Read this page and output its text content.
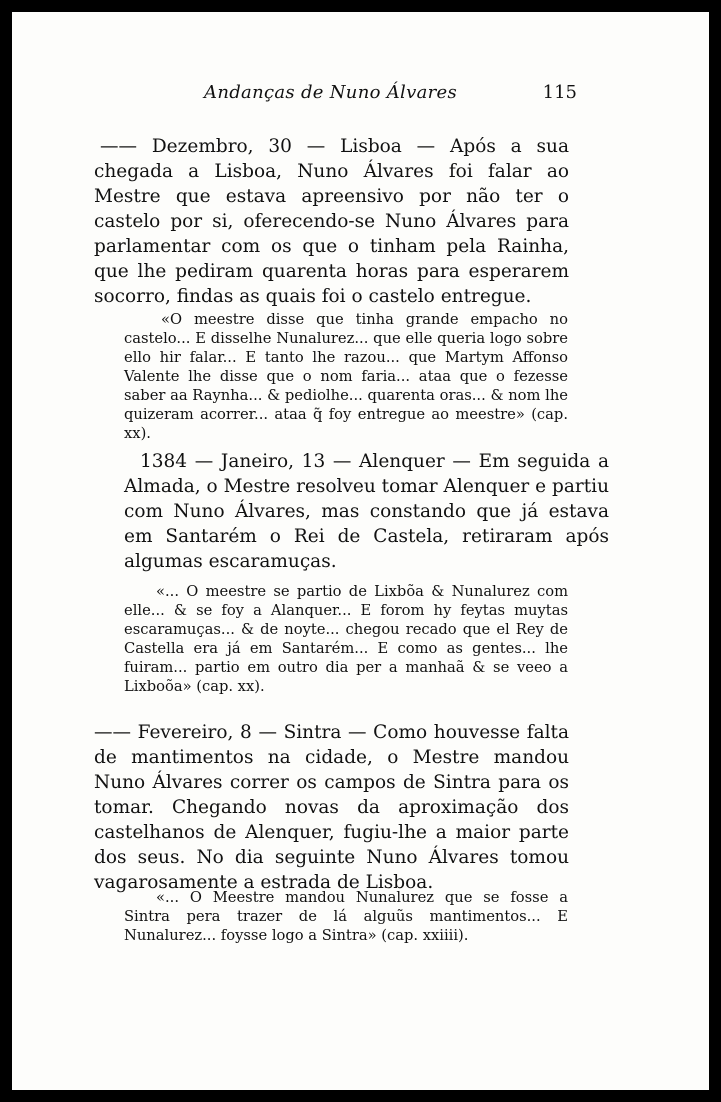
Andanças de Nuno Álvares	115

—— Dezembro, 30 — Lisboa — Após a sua chegada a Lisboa, Nuno Álvares foi falar ao Mestre que estava apreensivo por não ter o castelo por si, oferecendo-se Nuno Álvares para parlamentar com os que o tinham pela Rainha, que lhe pediram quarenta horas para esperarem socorro, findas as quais foi o castelo entregue.

«O meestre disse que tinha grande empacho no castelo... E disselhe Nunalurez... que elle queria logo sobre ello hir falar... E tanto lhe razou... que Martym Affonso Valente lhe disse que o nom faria... ataa que o fezesse saber aa Raynha... & pediolhe... quarenta oras... & nom lhe quizeram acorrer... ataa q̃ foy entregue ao meestre» (cap. xx).

1384 — Janeiro, 13 — Alenquer — Em seguida a Almada, o Mestre resolveu tomar Alenquer e partiu com Nuno Álvares, mas constando que já estava em Santarém o Rei de Castela, retiraram após algumas escaramuças.

«... O meestre se partio de Lixbõa & Nunalurez com elle... & se foy a Alanquer... E forom hy feytas muytas escaramuças... & de noyte... chegou recado que el Rey de Castella era já em Santarém... E como as gentes... lhe fuiram... partio em outro dia per a manhaã & se veeo a Lixboõa» (cap. xx).

—— Fevereiro, 8 — Sintra — Como houvesse falta de mantimentos na cidade, o Mestre mandou Nuno Álvares correr os campos de Sintra para os tomar. Chegando novas da aproximação dos castelhanos de Alenquer, fugiu-lhe a maior parte dos seus. No dia seguinte Nuno Álvares tomou vagarosamente a estrada de Lisboa.

«... O Meestre mandou Nunalurez que se fosse a Sintra pera trazer de lá alguũs mantimentos... E Nunalurez... foysse logo a Sintra» (cap. xxiiii).
